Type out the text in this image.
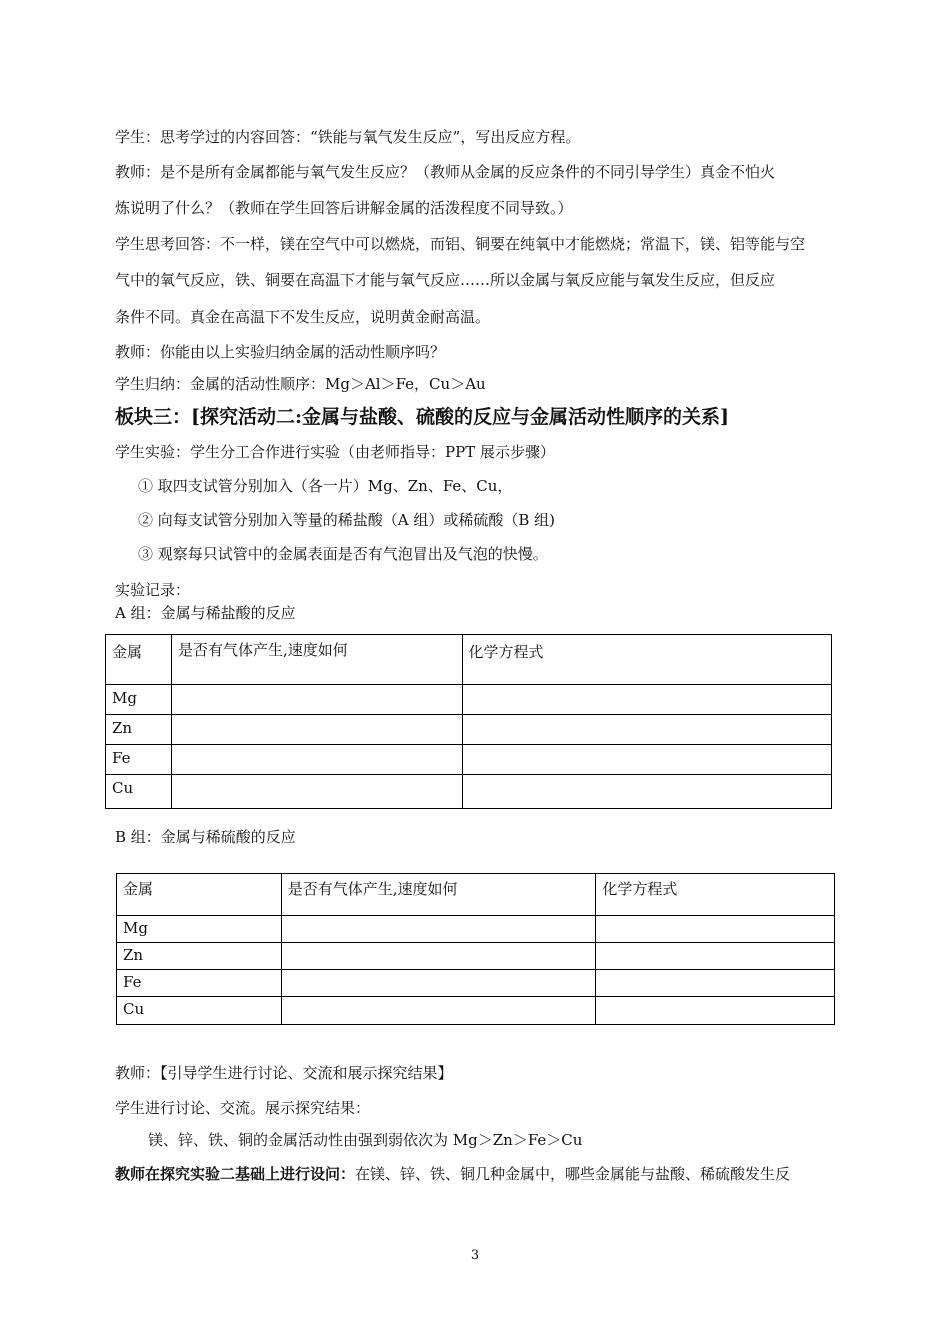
学生：思考学过的内容回答：“铁能与氧气发生反应”，写出反应方程。
教师：是不是所有金属都能与氧气发生反应？（教师从金属的反应条件的不同引导学生）真金不怕火
炼说明了什么？（教师在学生回答后讲解金属的活泼程度不同导致。）
学生思考回答：不一样，镁在空气中可以燃烧，而铝、铜要在纯氧中才能燃烧；常温下，镁、铝等能与空
气中的氧气反应，铁、铜要在高温下才能与氧气反应……所以金属与氧反应能与氧发生反应，但反应
条件不同。真金在高温下不发生反应，说明黄金耐高温。
教师：你能由以上实验归纳金属的活动性顺序吗？
学生归纳：金属的活动性顺序：Mg＞Al＞Fe，Cu＞Au
板块三：[探究活动二:金属与盐酸、硫酸的反应与金属活动性顺序的关系]
学生实验：学生分工合作进行实验（由老师指导：PPT 展示步骤）
① 取四支试管分别加入（各一片）Mg、Zn、Fe、Cu，
② 向每支试管分别加入等量的稀盐酸（A 组）或稀硫酸（B 组)
③ 观察每只试管中的金属表面是否有气泡冒出及气泡的快慢。
实验记录：
A 组：金属与稀盐酸的反应
金属	是否有气体产生,速度如何	化学方程式
Mg		
Zn		
Fe		
Cu		
B 组：金属与稀硫酸的反应
金属	是否有气体产生,速度如何	化学方程式
Mg		
Zn		
Fe		
Cu		
教师：【引导学生进行讨论、交流和展示探究结果】
学生进行讨论、交流。展示探究结果：
镁、锌、铁、铜的金属活动性由强到弱依次为 Mg＞Zn＞Fe＞Cu
教师在探究实验二基础上进行设问：在镁、锌、铁、铜几种金属中，哪些金属能与盐酸、稀硫酸发生反
3
